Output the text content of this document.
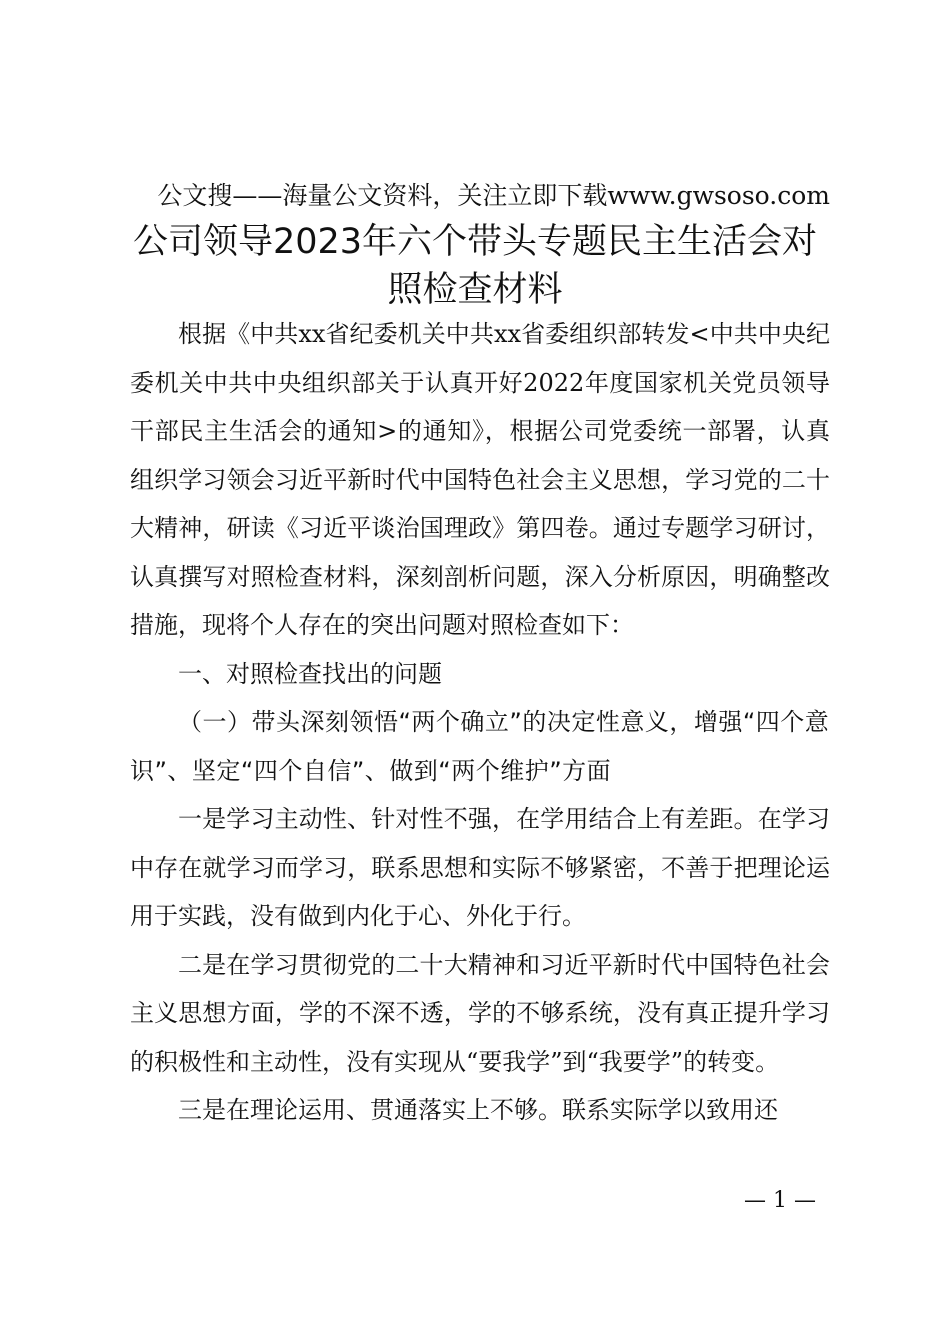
公文搜——海量公文资料，关注立即下载www.gwsoso.com
公司领导2023年六个带头专题民主生活会对
照检查材料

根据《中共xx省纪委机关中共xx省委组织部转发<中共中央纪委机关中共中央组织部关于认真开好2022年度国家机关党员领导干部民主生活会的通知>的通知》，根据公司党委统一部署，认真组织学习领会习近平新时代中国特色社会主义思想，学习党的二十大精神，研读《习近平谈治国理政》第四卷。通过专题学习研讨，认真撰写对照检查材料，深刻剖析问题，深入分析原因，明确整改措施，现将个人存在的突出问题对照检查如下：

一、对照检查找出的问题

（一）带头深刻领悟“两个确立”的决定性意义，增强“四个意识”、坚定“四个自信”、做到“两个维护”方面

一是学习主动性、针对性不强，在学用结合上有差距。在学习中存在就学习而学习，联系思想和实际不够紧密，不善于把理论运用于实践，没有做到内化于心、外化于行。

二是在学习贯彻党的二十大精神和习近平新时代中国特色社会主义思想方面，学的不深不透，学的不够系统，没有真正提升学习的积极性和主动性，没有实现从“要我学”到“我要学”的转变。

三是在理论运用、贯通落实上不够。联系实际学以致用还

— 1 —
